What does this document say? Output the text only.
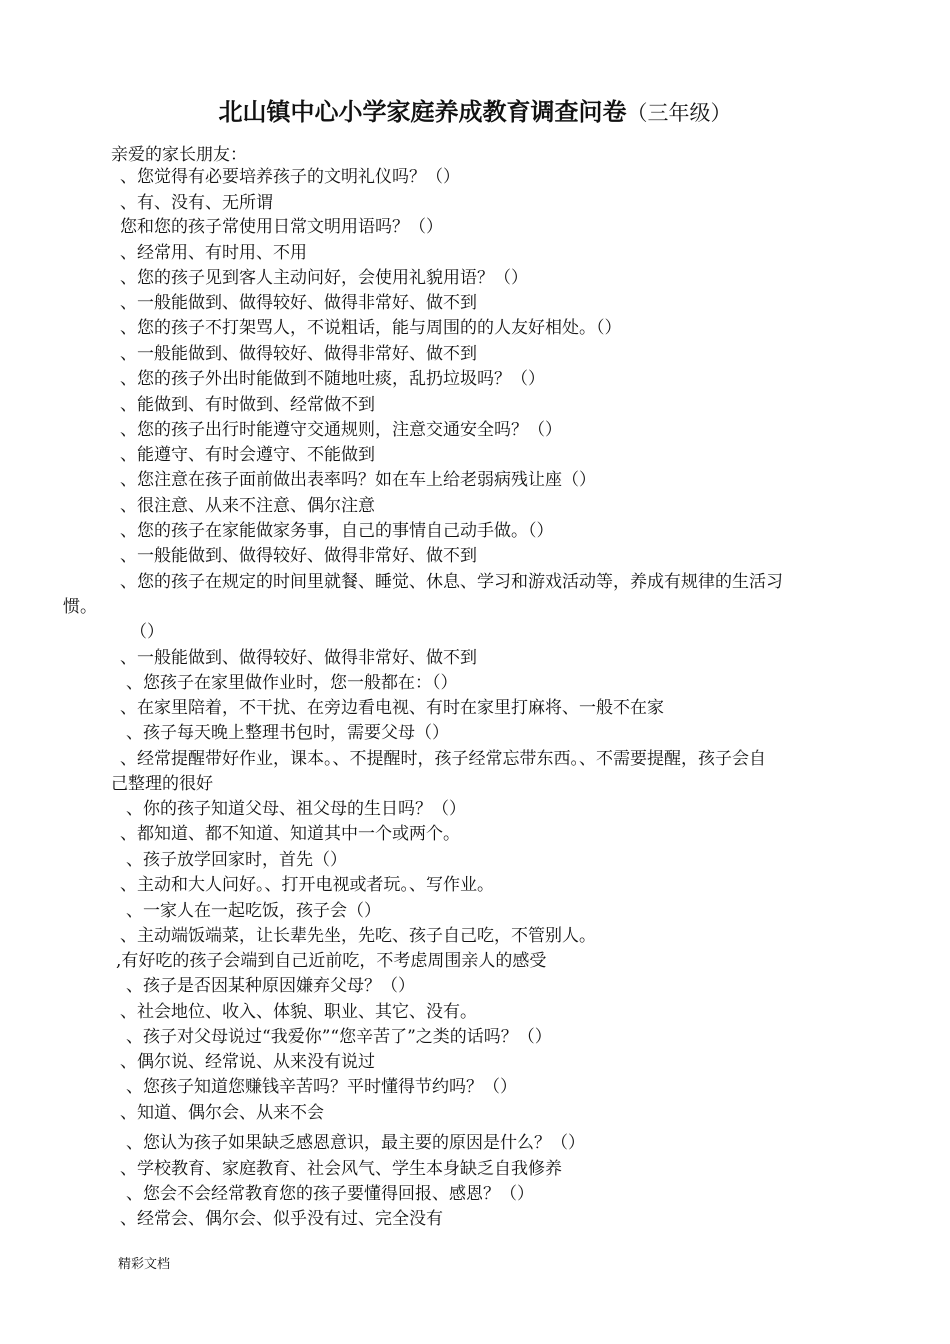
北山镇中心小学家庭养成教育调查问卷（三年级）
亲爱的家长朋友：
、您觉得有必要培养孩子的文明礼仪吗？（）
、有、没有、无所谓
您和您的孩子常使用日常文明用语吗？（）
、经常用、有时用、不用
、您的孩子见到客人主动问好，会使用礼貌用语？（）
、一般能做到、做得较好、做得非常好、做不到
、您的孩子不打架骂人，不说粗话，能与周围的的人友好相处。（）
、一般能做到、做得较好、做得非常好、做不到
、您的孩子外出时能做到不随地吐痰，乱扔垃圾吗？（）
、能做到、有时做到、经常做不到
、您的孩子出行时能遵守交通规则，注意交通安全吗？（）
、能遵守、有时会遵守、不能做到
、您注意在孩子面前做出表率吗？如在车上给老弱病残让座（）
、很注意、从来不注意、偶尔注意
、您的孩子在家能做家务事，自己的事情自己动手做。（）
、一般能做到、做得较好、做得非常好、做不到
、您的孩子在规定的时间里就餐、睡觉、休息、学习和游戏活动等，养成有规律的生活习
惯。
（）
、一般能做到、做得较好、做得非常好、做不到
、您孩子在家里做作业时，您一般都在：（）
、在家里陪着，不干扰、在旁边看电视、有时在家里打麻将、一般不在家
、孩子每天晚上整理书包时，需要父母（）
、经常提醒带好作业，课本。、不提醒时，孩子经常忘带东西。、不需要提醒，孩子会自
己整理的很好
、你的孩子知道父母、祖父母的生日吗？（）
、都知道、都不知道、知道其中一个或两个。
、孩子放学回家时，首先（）
、主动和大人问好。、打开电视或者玩。、写作业。
、一家人在一起吃饭，孩子会（）
、主动端饭端菜，让长辈先坐，先吃、孩子自己吃，不管别人。
,有好吃的孩子会端到自己近前吃，不考虑周围亲人的感受
、孩子是否因某种原因嫌弃父母？（）
、社会地位、收入、体貌、职业、其它、没有。
、孩子对父母说过“我爱你”“您辛苦了”之类的话吗？（）
、偶尔说、经常说、从来没有说过
、您孩子知道您赚钱辛苦吗？平时懂得节约吗？（）
、知道、偶尔会、从来不会
、您认为孩子如果缺乏感恩意识，最主要的原因是什么？（）
、学校教育、家庭教育、社会风气、学生本身缺乏自我修养
、您会不会经常教育您的孩子要懂得回报、感恩？（）
、经常会、偶尔会、似乎没有过、完全没有
精彩文档
